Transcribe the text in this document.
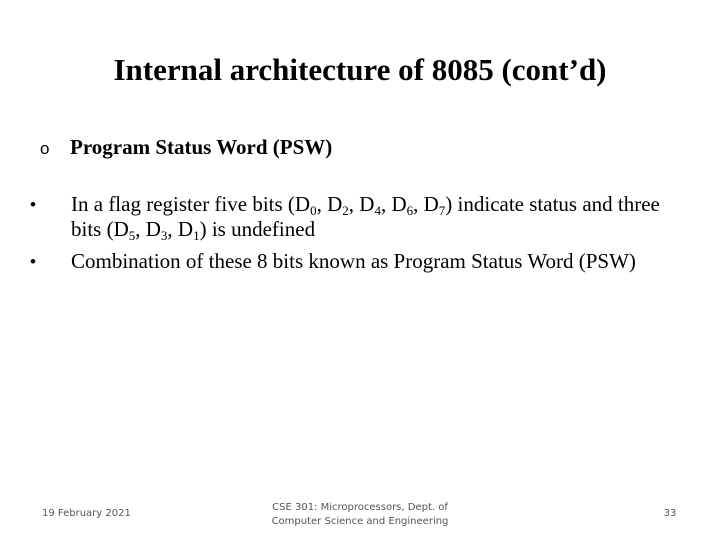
Internal architecture of 8085 (cont’d)
o Program Status Word (PSW)
• In a flag register five bits ($D_0$, $D_2$, $D_4$, $D_6$, $D_7$) indicate status and three bits ($D_5$, $D_3$, $D_1$) is undefined
• Combination of these 8 bits known as Program Status Word (PSW)
19 February 2021
CSE 301: Microprocessors, Dept. of
Computer Science and Engineering
33
